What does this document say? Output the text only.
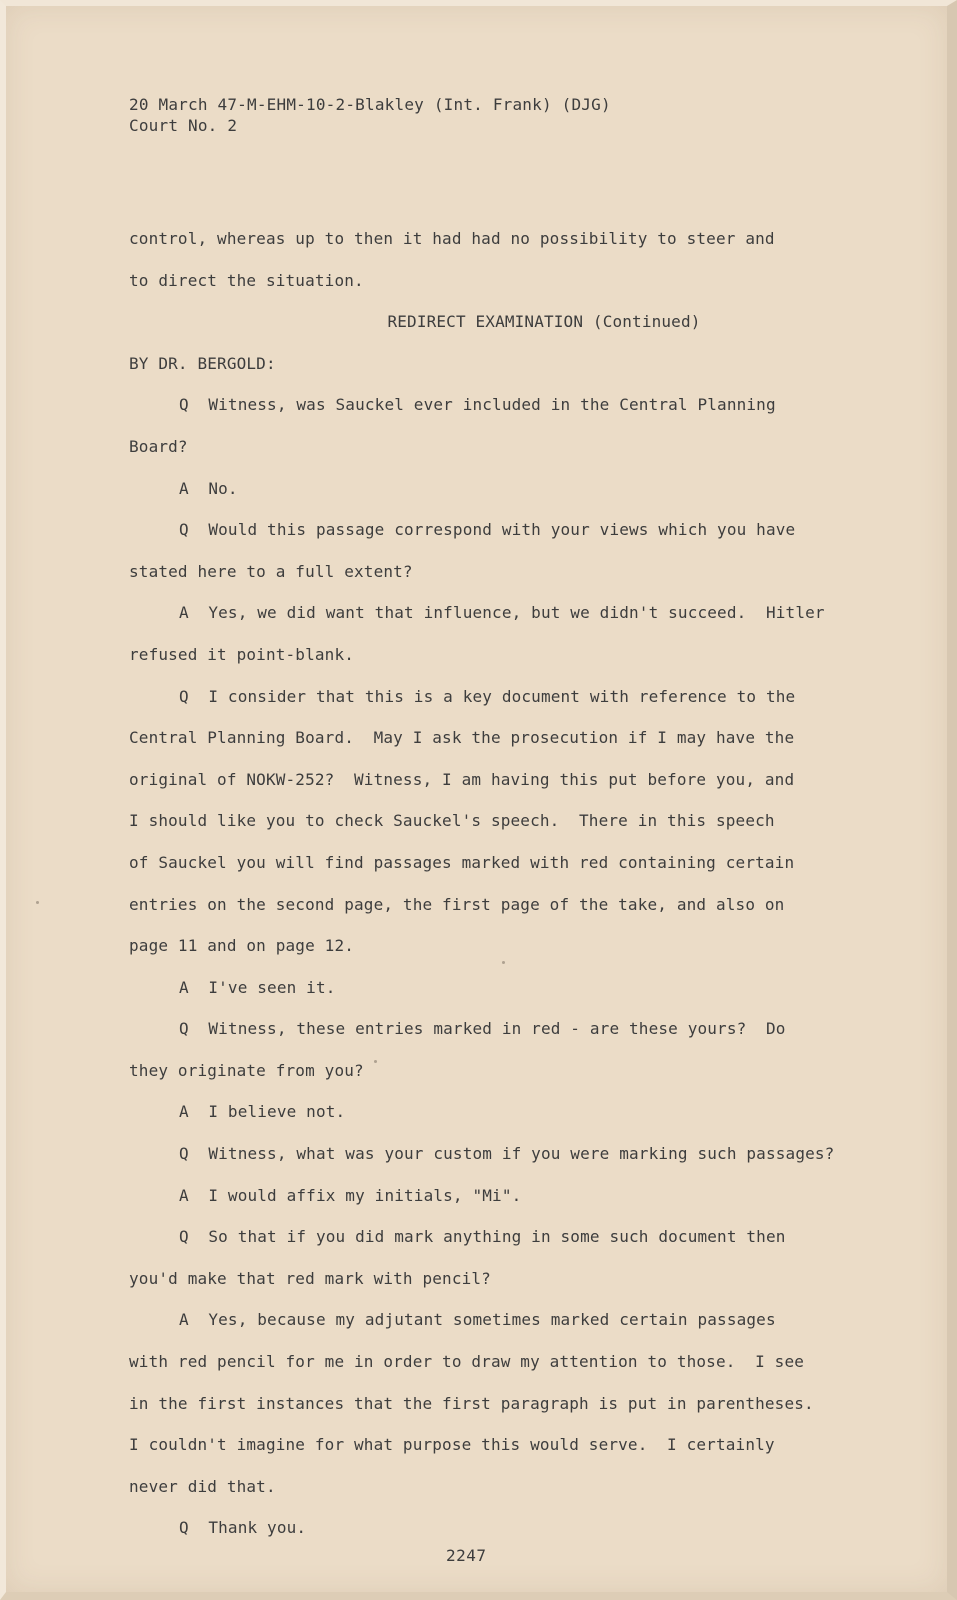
20 March 47-M-EHM-10-2-Blakley (Int. Frank) (DJG)
Court No. 2
control, whereas up to then it had had no possibility to steer and
to direct the situation.
REDIRECT EXAMINATION (Continued)
BY DR. BERGOLD:
Q  Witness, was Sauckel ever included in the Central Planning
Board?
A  No.
Q  Would this passage correspond with your views which you have
stated here to a full extent?
A  Yes, we did want that influence, but we didn't succeed.  Hitler
refused it point-blank.
Q  I consider that this is a key document with reference to the
Central Planning Board.  May I ask the prosecution if I may have the
original of NOKW-252?  Witness, I am having this put before you, and
I should like you to check Sauckel's speech.  There in this speech
of Sauckel you will find passages marked with red containing certain
entries on the second page, the first page of the take, and also on
page 11 and on page 12.
A  I've seen it.
Q  Witness, these entries marked in red - are these yours?  Do
they originate from you?
A  I believe not.
Q  Witness, what was your custom if you were marking such passages?
A  I would affix my initials, "Mi".
Q  So that if you did mark anything in some such document then
you'd make that red mark with pencil?
A  Yes, because my adjutant sometimes marked certain passages
with red pencil for me in order to draw my attention to those.  I see
in the first instances that the first paragraph is put in parentheses.
I couldn't imagine for what purpose this would serve.  I certainly
never did that.
Q  Thank you.
2247
